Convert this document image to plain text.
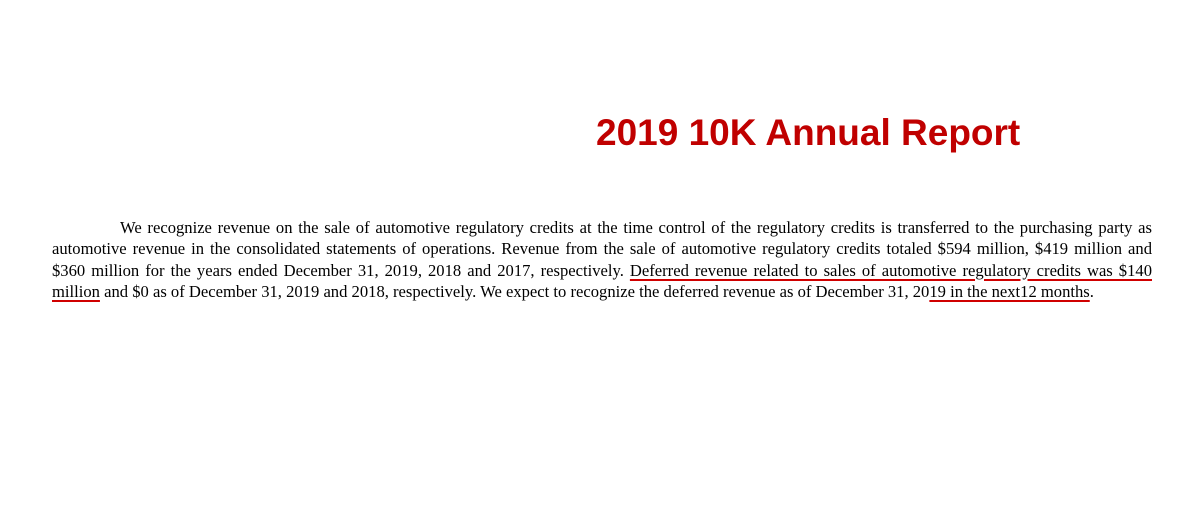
2019 10K Annual Report
We recognize revenue on the sale of automotive regulatory credits at the time control of the regulatory credits is transferred to the purchasing party as
automotive revenue in the consolidated statements of operations. Revenue from the sale of automotive regulatory credits totaled $594 million, $419 million and
$360 million for the years ended December 31, 2019, 2018 and 2017, respectively. Deferred revenue related to sales of automotive regulatory credits was $140
million and $0 as of December 31, 2019 and 2018, respectively. We expect to recognize the deferred revenue as of December 31, 2019 in the next12 months.
